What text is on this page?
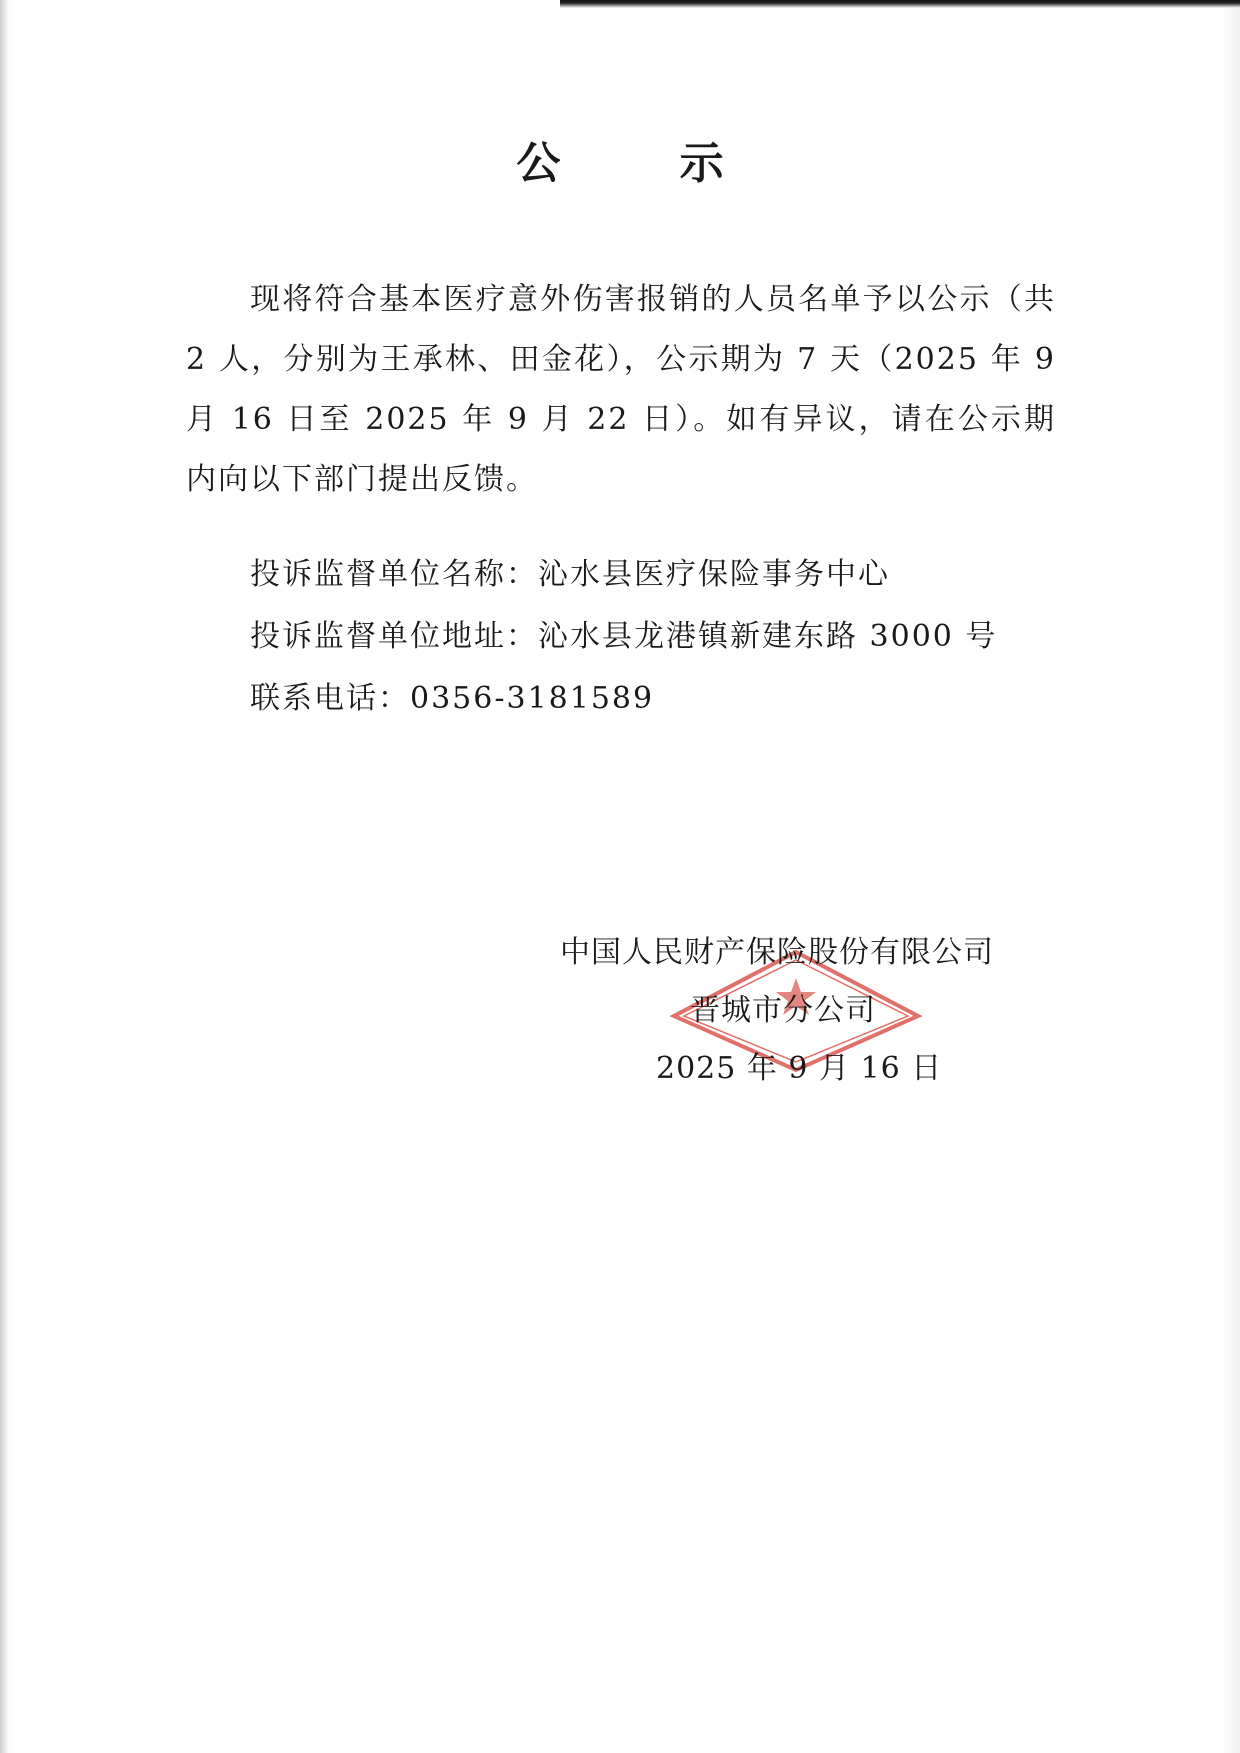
公 示

现将符合基本医疗意外伤害报销的人员名单予以公示（共 2 人，分别为王承林、田金花），公示期为 7 天（2025 年 9 月 16 日至 2025 年 9 月 22 日）。如有异议，请在公示期内向以下部门提出反馈。

投诉监督单位名称：沁水县医疗保险事务中心
投诉监督单位地址：沁水县龙港镇新建东路 3000 号
联系电话：0356-3181589
中国人民财产保险股份有限公司
晋城市分公司
2025 年 9 月 16 日
